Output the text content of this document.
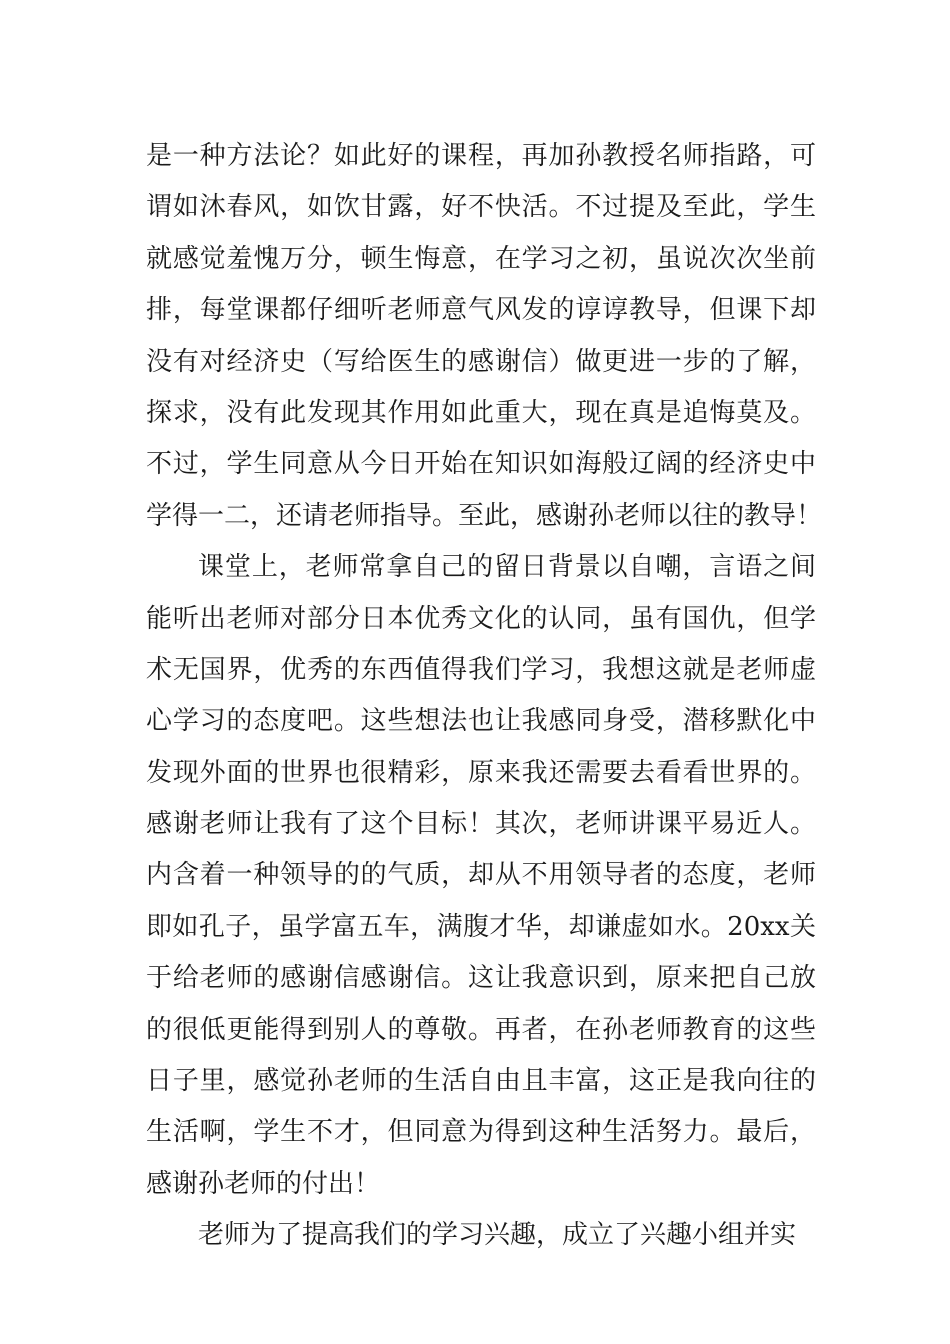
是一种方法论？如此好的课程，再加孙教授名师指路，可
谓如沐春风，如饮甘露，好不快活。不过提及至此，学生
就感觉羞愧万分，顿生悔意，在学习之初，虽说次次坐前
排，每堂课都仔细听老师意气风发的谆谆教导，但课下却
没有对经济史（写给医生的感谢信）做更进一步的了解，
探求，没有此发现其作用如此重大，现在真是追悔莫及。
不过，学生同意从今日开始在知识如海般辽阔的经济史中
学得一二，还请老师指导。至此，感谢孙老师以往的教导！
课堂上，老师常拿自己的留日背景以自嘲，言语之间
能听出老师对部分日本优秀文化的认同，虽有国仇，但学
术无国界，优秀的东西值得我们学习，我想这就是老师虚
心学习的态度吧。这些想法也让我感同身受，潜移默化中
发现外面的世界也很精彩，原来我还需要去看看世界的。
感谢老师让我有了这个目标！其次，老师讲课平易近人。
内含着一种领导的的气质，却从不用领导者的态度，老师
即如孔子，虽学富五车，满腹才华，却谦虚如水。20xx关
于给老师的感谢信感谢信。这让我意识到，原来把自己放
的很低更能得到别人的尊敬。再者，在孙老师教育的这些
日子里，感觉孙老师的生活自由且丰富，这正是我向往的
生活啊，学生不才，但同意为得到这种生活努力。最后，
感谢孙老师的付出！
老师为了提高我们的学习兴趣，成立了兴趣小组并实
